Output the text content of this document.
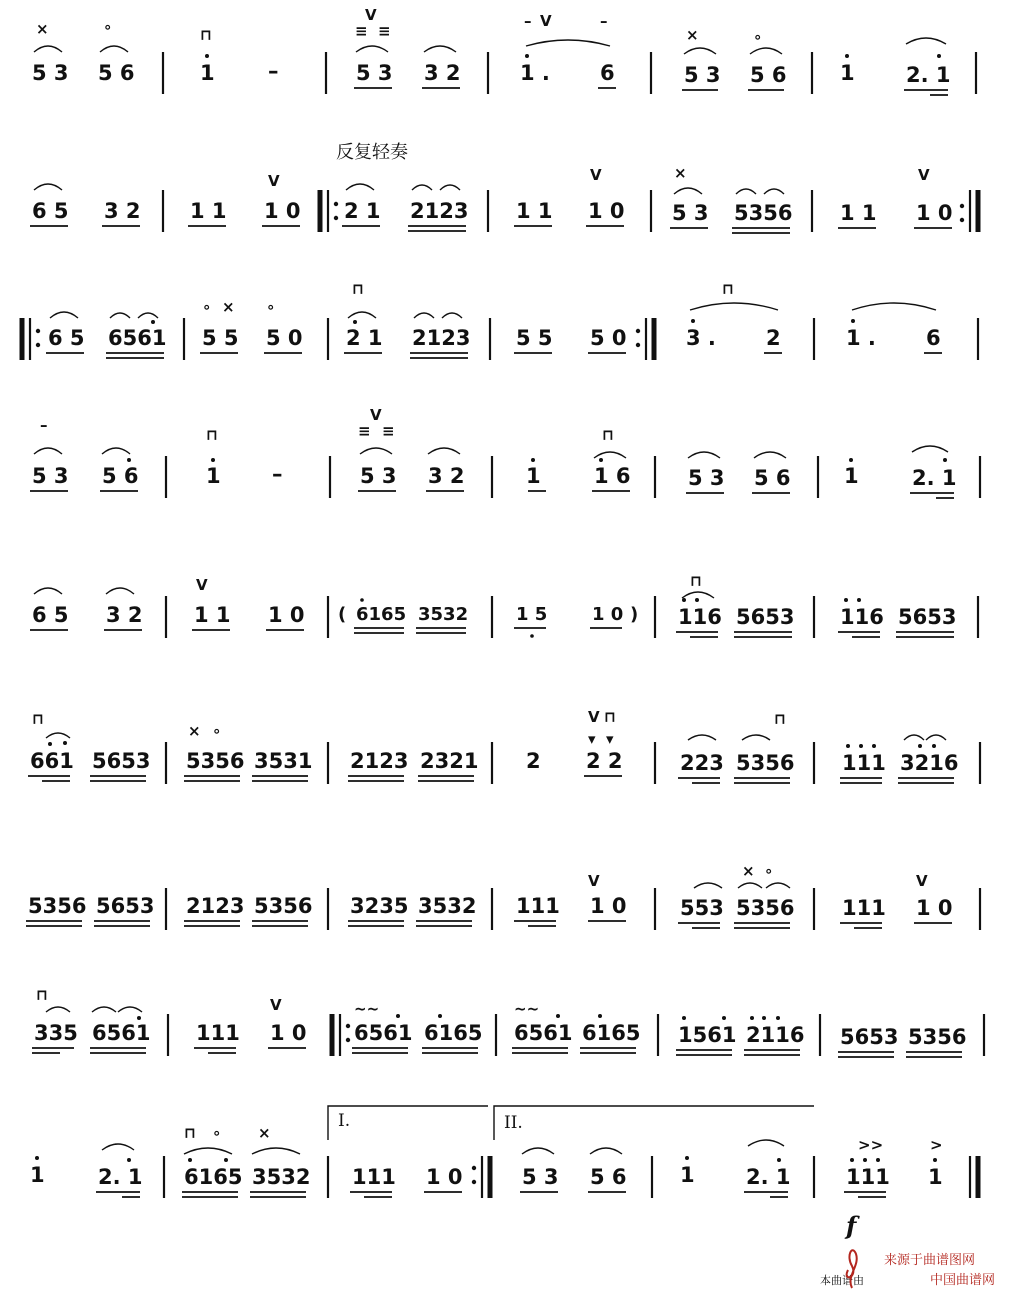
×	∘	⊓
V
≡ ≡
– V	–
×	∘
5 3 5 6	1	–	5 3 3 2	1 . 6	5 3 5 6	1 2. 1
反复轻奏
V	V	×	V
6 5 3 2 1 1 1 0 2 1 2123 1 1 1 0 5 3 5356 1 1 1 0
∘ × ∘
⊓	⊓
6 5 6561 5 5 5 0 2 1 2123 5 5 5 0	3 . 2	1 . 6
–
⊓
V
≡ ≡	⊓
5 3 5 6	1 –	5 3 3 2	1	1 6	5 3 5 6	1	2. 1
V	⊓
6 5 3 2 1 1 1 0 ( 6165 3532	1 5 1 0 ) 116 5653 116 5653
⊓
× ∘
V ⊓
▾ ▾
⊓
661 5653 5356 3531 2123 2321 2 2 2	223 5356 111 3216
V
× ∘
V
5356 5653 2123 5356 3235 3532 111 1 0	553 5356 111 1 0
⊓
V	~~	~~
335 6561 111 1 0 6561 6165 6561 6165 1561 2116 5653 5356
I.	II.
⊓ ∘ ×
>>	>
1	2. 1 6165 3532 111 1 0	5 3 5 6	1 2. 1	111 1
f
本曲谱由
来源于曲谱图网
中国曲谱网
